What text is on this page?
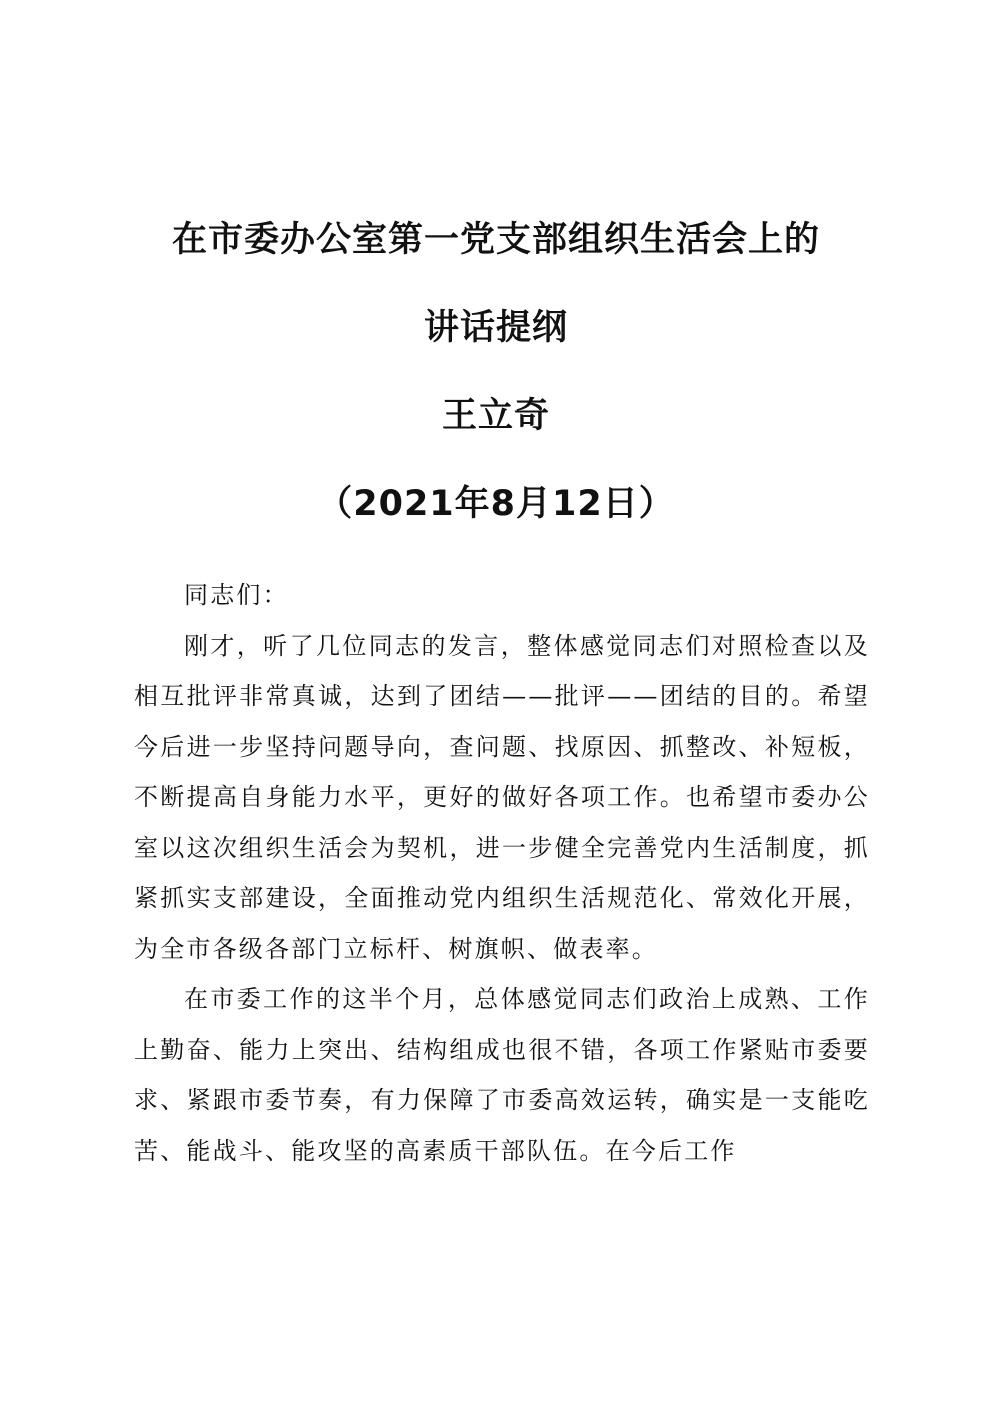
在市委办公室第一党支部组织生活会上的
讲话提纲
王立奇
（2021年8月12日）

同志们：

刚才，听了几位同志的发言，整体感觉同志们对照检查以及相互批评非常真诚，达到了团结——批评——团结的目的。希望今后进一步坚持问题导向，查问题、找原因、抓整改、补短板，不断提高自身能力水平，更好的做好各项工作。也希望市委办公室以这次组织生活会为契机，进一步健全完善党内生活制度，抓紧抓实支部建设，全面推动党内组织生活规范化、常效化开展，为全市各级各部门立标杆、树旗帜、做表率。

在市委工作的这半个月，总体感觉同志们政治上成熟、工作上勤奋、能力上突出、结构组成也很不错，各项工作紧贴市委要求、紧跟市委节奏，有力保障了市委高效运转，确实是一支能吃苦、能战斗、能攻坚的高素质干部队伍。在今后工作
